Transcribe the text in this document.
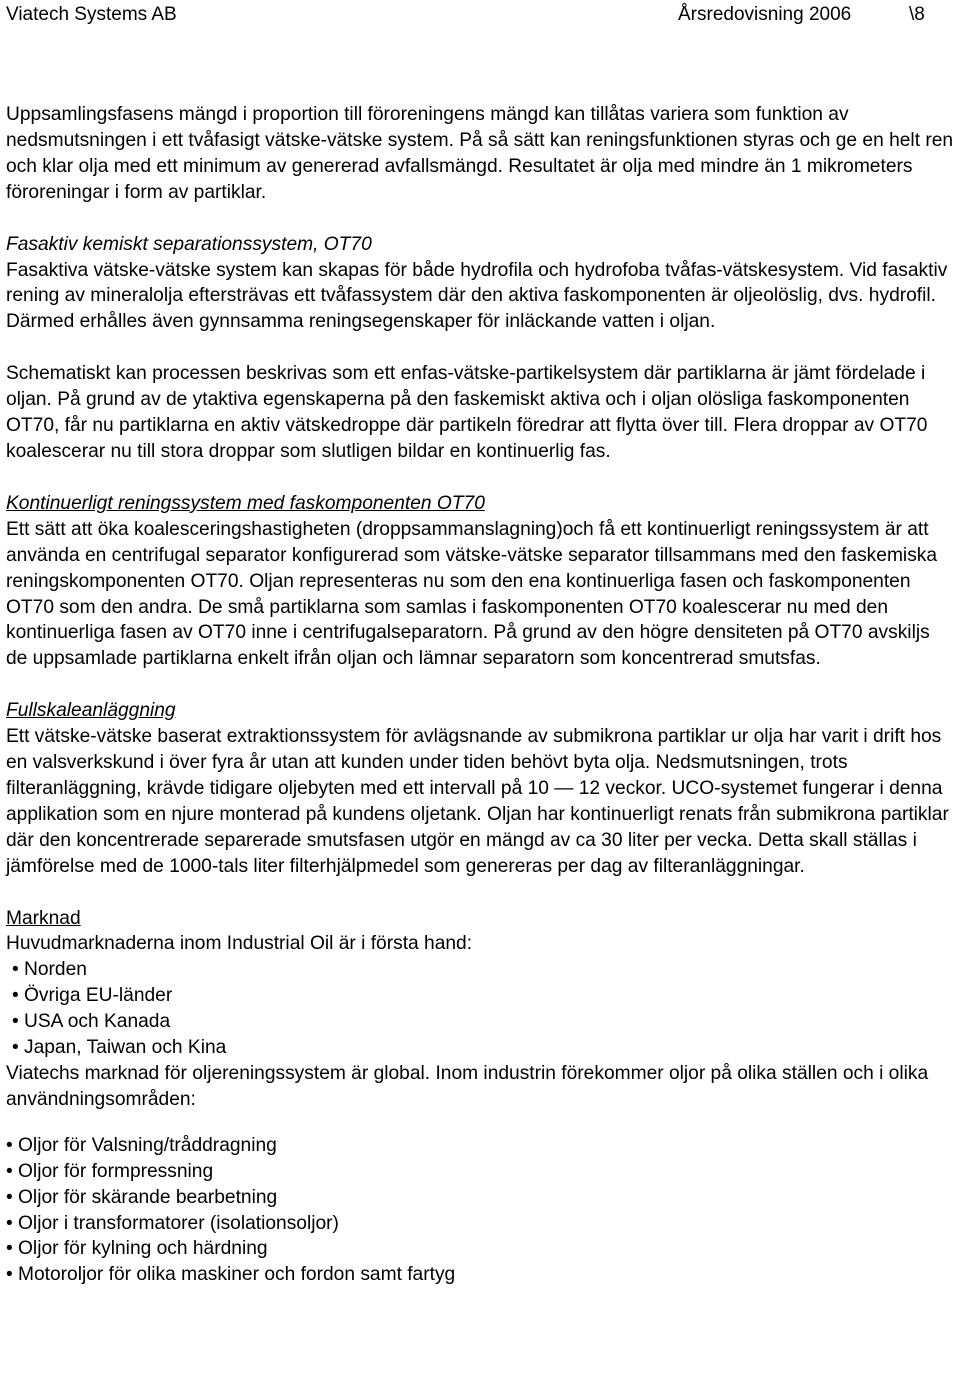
Viatech Systems AB	Årsredovisning 2006	\8

Uppsamlingsfasens mängd i proportion till föroreningens mängd kan tillåtas variera som funktion av nedsmutsningen i ett tvåfasigt vätske-vätske system. På så sätt kan reningsfunktionen styras och ge en helt ren och klar olja med ett minimum av genererad avfallsmängd. Resultatet är olja med mindre än 1 mikrometers föroreningar i form av partiklar.

Fasaktiv kemiskt separationssystem, OT70

Fasaktiva vätske-vätske system kan skapas för både hydrofila och hydrofoba tvåfas-vätskesystem. Vid fasaktiv rening av mineralolja eftersträvas ett tvåfassystem där den aktiva faskomponenten är oljeolöslig, dvs. hydrofil. Därmed erhålles även gynnsamma reningsegenskaper för inläckande vatten i oljan.

Schematiskt kan processen beskrivas som ett enfas-vätske-partikelsystem där partiklarna är jämt fördelade i oljan. På grund av de ytaktiva egenskaperna på den faskemiskt aktiva och i oljan olösliga faskomponenten OT70, får nu partiklarna en aktiv vätskedroppe där partikeln föredrar att flytta över till. Flera droppar av OT70 koalescerar nu till stora droppar som slutligen bildar en kontinuerlig fas.

Kontinuerligt reningssystem med faskomponenten OT70

Ett sätt att öka koalesceringshastigheten (droppsammanslagning)och få ett kontinuerligt reningssystem är att använda en centrifugal separator konfigurerad som vätske-vätske separator tillsammans med den faskemiska reningskomponenten OT70. Oljan representeras nu som den ena kontinuerliga fasen och faskomponenten OT70 som den andra. De små partiklarna som samlas i faskomponenten OT70 koalescerar nu med den kontinuerliga fasen av OT70 inne i centrifugalseparatorn. På grund av den högre densiteten på OT70 avskiljs de uppsamlade partiklarna enkelt ifrån oljan och lämnar separatorn som koncentrerad smutsfas.

Fullskaleanläggning

Ett vätske-vätske baserat extraktionssystem för avlägsnande av submikrona partiklar ur olja har varit i drift hos en valsverkskund i över fyra år utan att kunden under tiden behövt byta olja. Nedsmutsningen, trots filteranläggning, krävde tidigare oljebyten med ett intervall på 10 — 12 veckor. UCO-systemet fungerar i denna applikation som en njure monterad på kundens oljetank. Oljan har kontinuerligt renats från submikrona partiklar där den koncentrerade separerade smutsfasen utgör en mängd av ca 30 liter per vecka. Detta skall ställas i jämförelse med de 1000-tals liter filterhjälpmedel som genereras per dag av filteranläggningar.

Marknad

Huvudmarknaderna inom Industrial Oil är i första hand:

• Norden
• Övriga EU-länder
• USA och Kanada
• Japan, Taiwan och Kina

Viatechs marknad för oljereningssystem är global. Inom industrin förekommer oljor på olika ställen och i olika användningsområden:

• Oljor för Valsning/tråddragning
• Oljor för formpressning
• Oljor för skärande bearbetning
• Oljor i transformatorer (isolationsoljor)
• Oljor för kylning och härdning
• Motoroljor för olika maskiner och fordon samt fartyg
